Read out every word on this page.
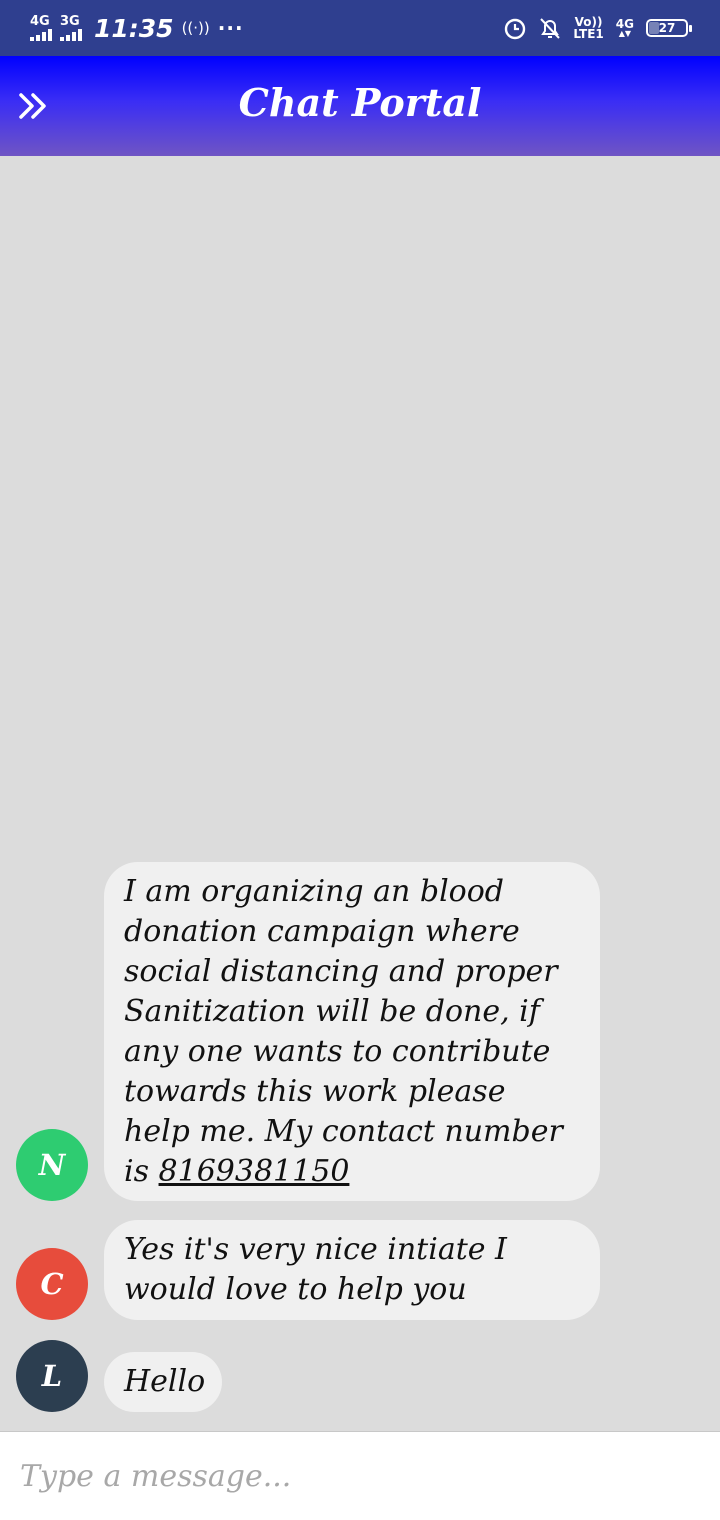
4G 3G 11:35 ((·)) ···	Vo))
LTE1
4G
▲▼ 27
Chat Portal
N
I am organizing an blood donation campaign where social distancing and proper Sanitization will be done, if any one wants to contribute towards this work please help me. My contact number is 8169381150
C
Yes it's very nice intiate I would love to help you
L	Hello
Type a message...
